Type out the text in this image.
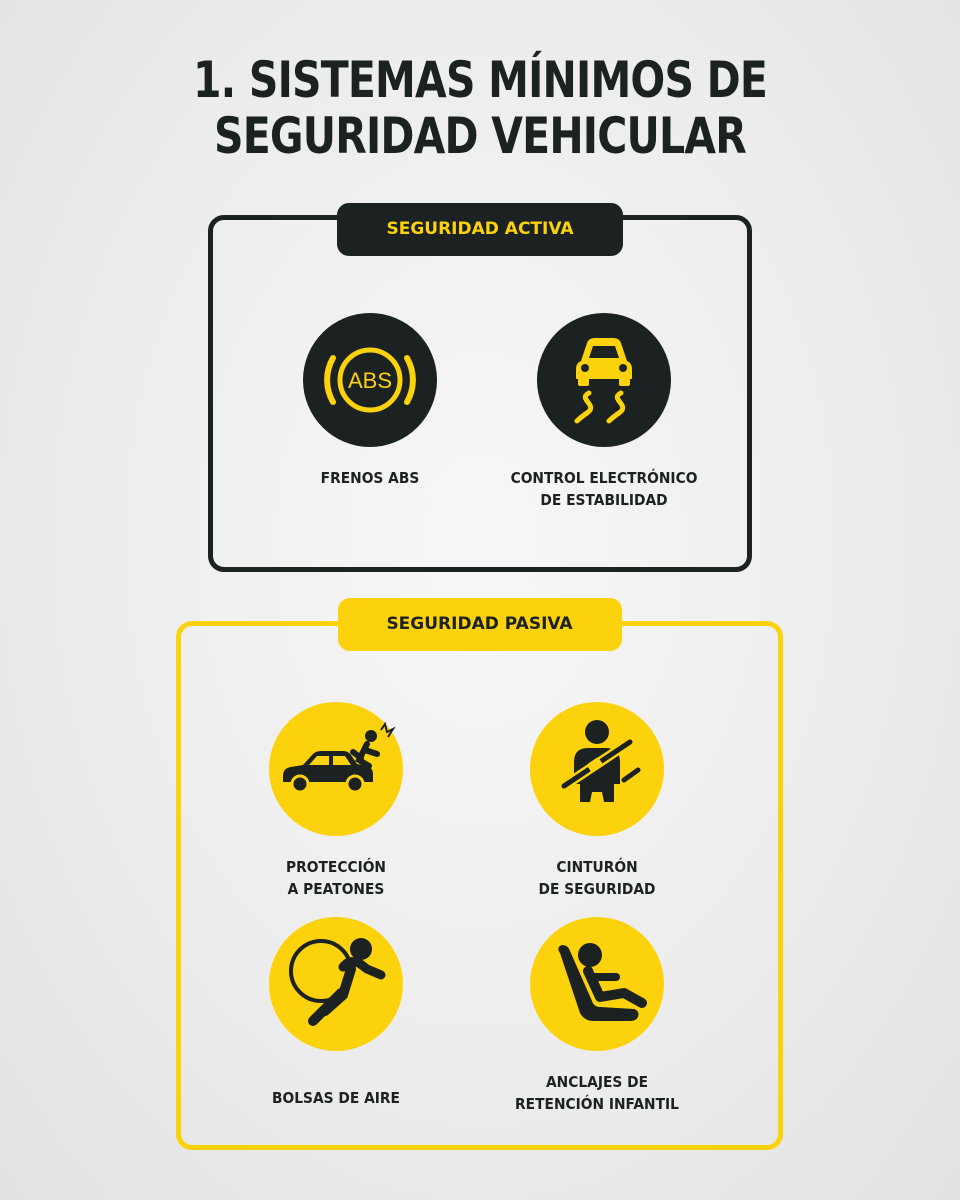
1. SISTEMAS MÍNIMOS DE
SEGURIDAD VEHICULAR
SEGURIDAD ACTIVA
ABS
FRENOS ABS	CONTROL ELECTRÓNICO
DE ESTABILIDAD
SEGURIDAD PASIVA
PROTECCIÓN
A PEATONES
CINTURÓN
DE SEGURIDAD
BOLSAS DE AIRE
ANCLAJES DE
RETENCIÓN INFANTIL
